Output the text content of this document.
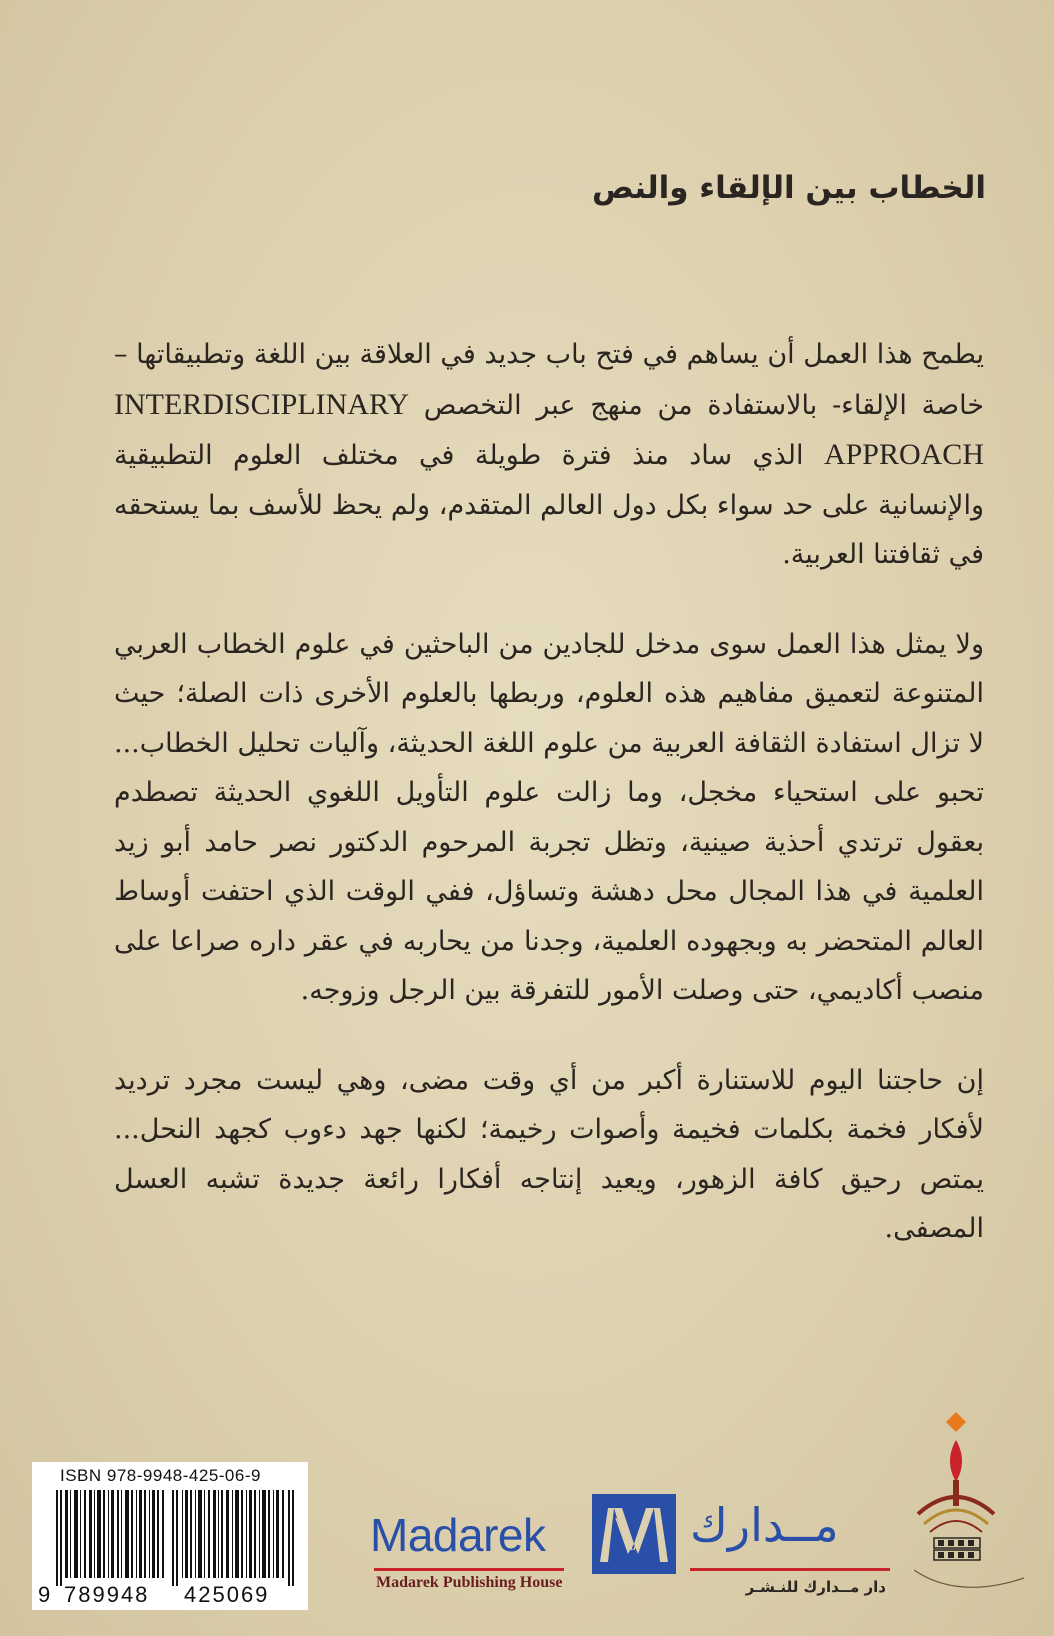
الخطاب بين الإلقاء والنص

يطمح هذا العمل أن يساهم في فتح باب جديد في العلاقة بين اللغة وتطبيقاتها –خاصة الإلقاء- بالاستفادة من منهج عبر التخصص INTERDISCIPLINARY APPROACH الذي ساد منذ فترة طويلة في مختلف العلوم التطبيقية والإنسانية على حد سواء بكل دول العالم المتقدم، ولم يحظ للأسف بما يستحقه في ثقافتنا العربية.

ولا يمثل هذا العمل سوى مدخل للجادين من الباحثين في علوم الخطاب العربي المتنوعة لتعميق مفاهيم هذه العلوم، وربطها بالعلوم الأخرى ذات الصلة؛ حيث لا تزال استفادة الثقافة العربية من علوم اللغة الحديثة، وآليات تحليل الخطاب... تحبو على استحياء مخجل، وما زالت علوم التأويل اللغوي الحديثة تصطدم بعقول ترتدي أحذية صينية، وتظل تجربة المرحوم الدكتور نصر حامد أبو زيد العلمية في هذا المجال محل دهشة وتساؤل، ففي الوقت الذي احتفت أوساط العالم المتحضر به وبجهوده العلمية، وجدنا من يحاربه في عقر داره صراعا على منصب أكاديمي، حتى وصلت الأمور للتفرقة بين الرجل وزوجه.

إن حاجتنا اليوم للاستنارة أكبر من أي وقت مضى، وهي ليست مجرد ترديد لأفكار فخمة بكلمات فخيمة وأصوات رخيمة؛ لكنها جهد دءوب كجهد النحل... يمتص رحيق كافة الزهور، ويعيد إنتاجه أفكارا رائعة جديدة تشبه العسل المصفى.

ISBN 978-9948-425-06-9
9 789948 425069
Madarek
Madarek Publishing House
مــدارك
دار مــدارك للنـشـر
